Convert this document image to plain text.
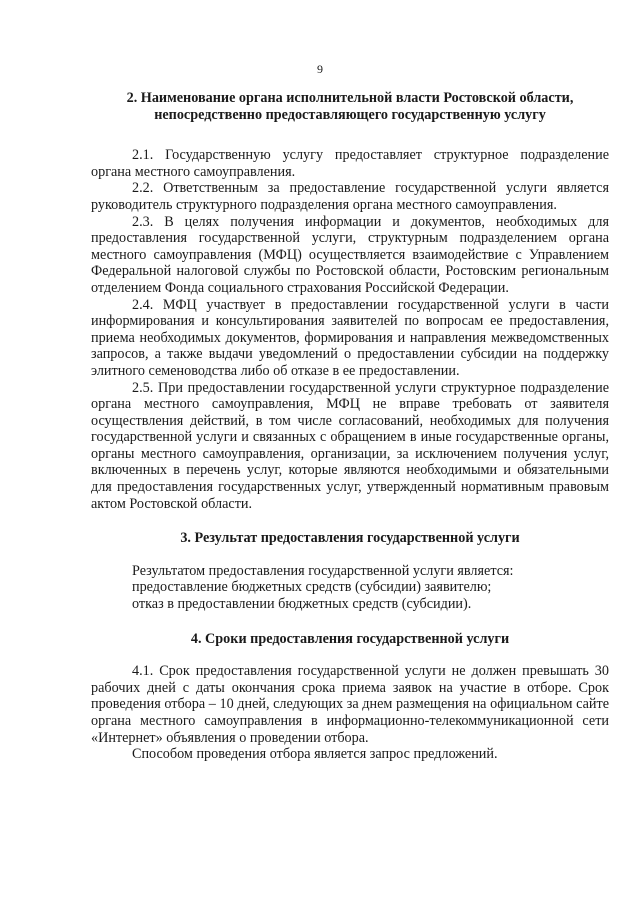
9
2. Наименование органа исполнительной власти Ростовской области,
непосредственно предоставляющего государственную услугу

2.1. Государственную услугу предоставляет структурное подразделение органа местного самоуправления.

2.2. Ответственным за предоставление государственной услуги является руководитель структурного подразделения органа местного самоуправления.

2.3. В целях получения информации и документов, необходимых для предоставления государственной услуги, структурным подразделением органа местного самоуправления (МФЦ) осуществляется взаимодействие с Управлением Федеральной налоговой службы по Ростовской области, Ростовским региональным отделением Фонда социального страхования Российской Федерации.

2.4. МФЦ участвует в предоставлении государственной услуги в части информирования и консультирования заявителей по вопросам ее предоставления, приема необходимых документов, формирования и направления межведомственных запросов, а также выдачи уведомлений о предоставлении субсидии на поддержку элитного семеноводства либо об отказе в ее предоставлении.

2.5. При предоставлении государственной услуги структурное подразделение органа местного самоуправления, МФЦ не вправе требовать от заявителя осуществления действий, в том числе согласований, необходимых для получения государственной услуги и связанных с обращением в иные государственные органы, органы местного самоуправления, организации, за исключением получения услуг, включенных в перечень услуг, которые являются необходимыми и обязательными для предоставления государственных услуг, утвержденный нормативным правовым актом Ростовской области.

3. Результат предоставления государственной услуги

Результатом предоставления государственной услуги является:

предоставление бюджетных средств (субсидии) заявителю;

отказ в предоставлении бюджетных средств (субсидии).

4. Сроки предоставления государственной услуги

4.1. Срок предоставления государственной услуги не должен превышать 30 рабочих дней с даты окончания срока приема заявок на участие в отборе. Срок проведения отбора – 10 дней, следующих за днем размещения на официальном сайте органа местного самоуправления в информационно-телекоммуникационной сети «Интернет» объявления о проведении отбора.

Способом проведения отбора является запрос предложений.
